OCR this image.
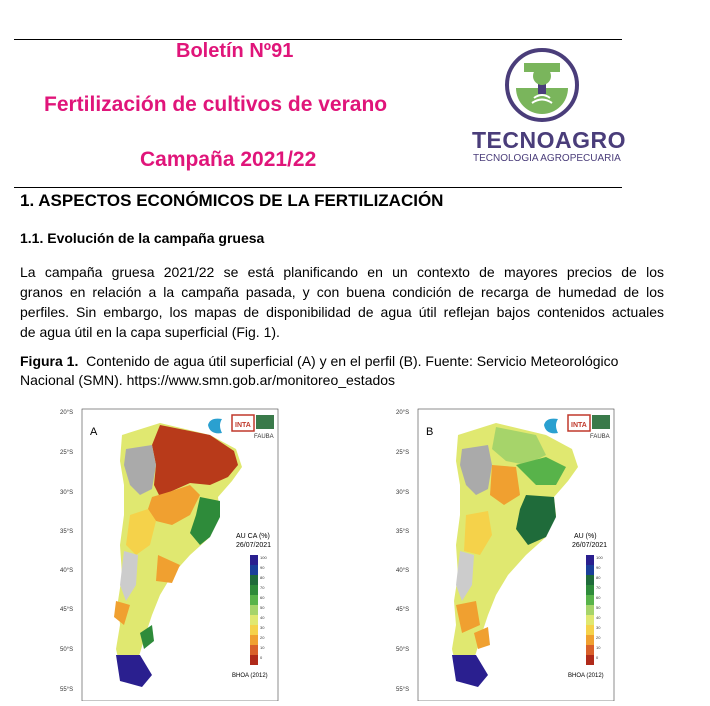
Boletín Nº91
Fertilización de cultivos de verano
Campaña 2021/22
TECNOAGRO
TECNOLOGIA AGROPECUARIA
1. ASPECTOS ECONÓMICOS DE LA FERTILIZACIÓN
1.1. Evolución de la campaña gruesa
La campaña gruesa 2021/22 se está planificando en un contexto de mayores precios de los
granos en relación a la campaña pasada, y con buena condición de recarga de humedad de los
perfiles. Sin embargo, los mapas de disponibilidad de agua útil reflejan bajos contenidos actuales
de agua útil en la capa superficial (Fig. 1).
Figura 1. Contenido de agua útil superficial (A) y en el perfil (B). Fuente: Servicio Meteorológico
Nacional (SMN). https://www.smn.gob.ar/monitoreo_estados
20°S
25°S
30°S
35°S
40°S
45°S
50°S
55°S
INTA
FAUBA
A
AU CA (%)
26/07/2021
100
90
80
70
60
50
40
30
20
10
0
BHOA (2012)
20°S
25°S
30°S
35°S
40°S
45°S
50°S
55°S
INTA
FAUBA
B
AU (%)
26/07/2021
100
90
80
70
60
50
40
30
20
10
0
BHOA (2012)
